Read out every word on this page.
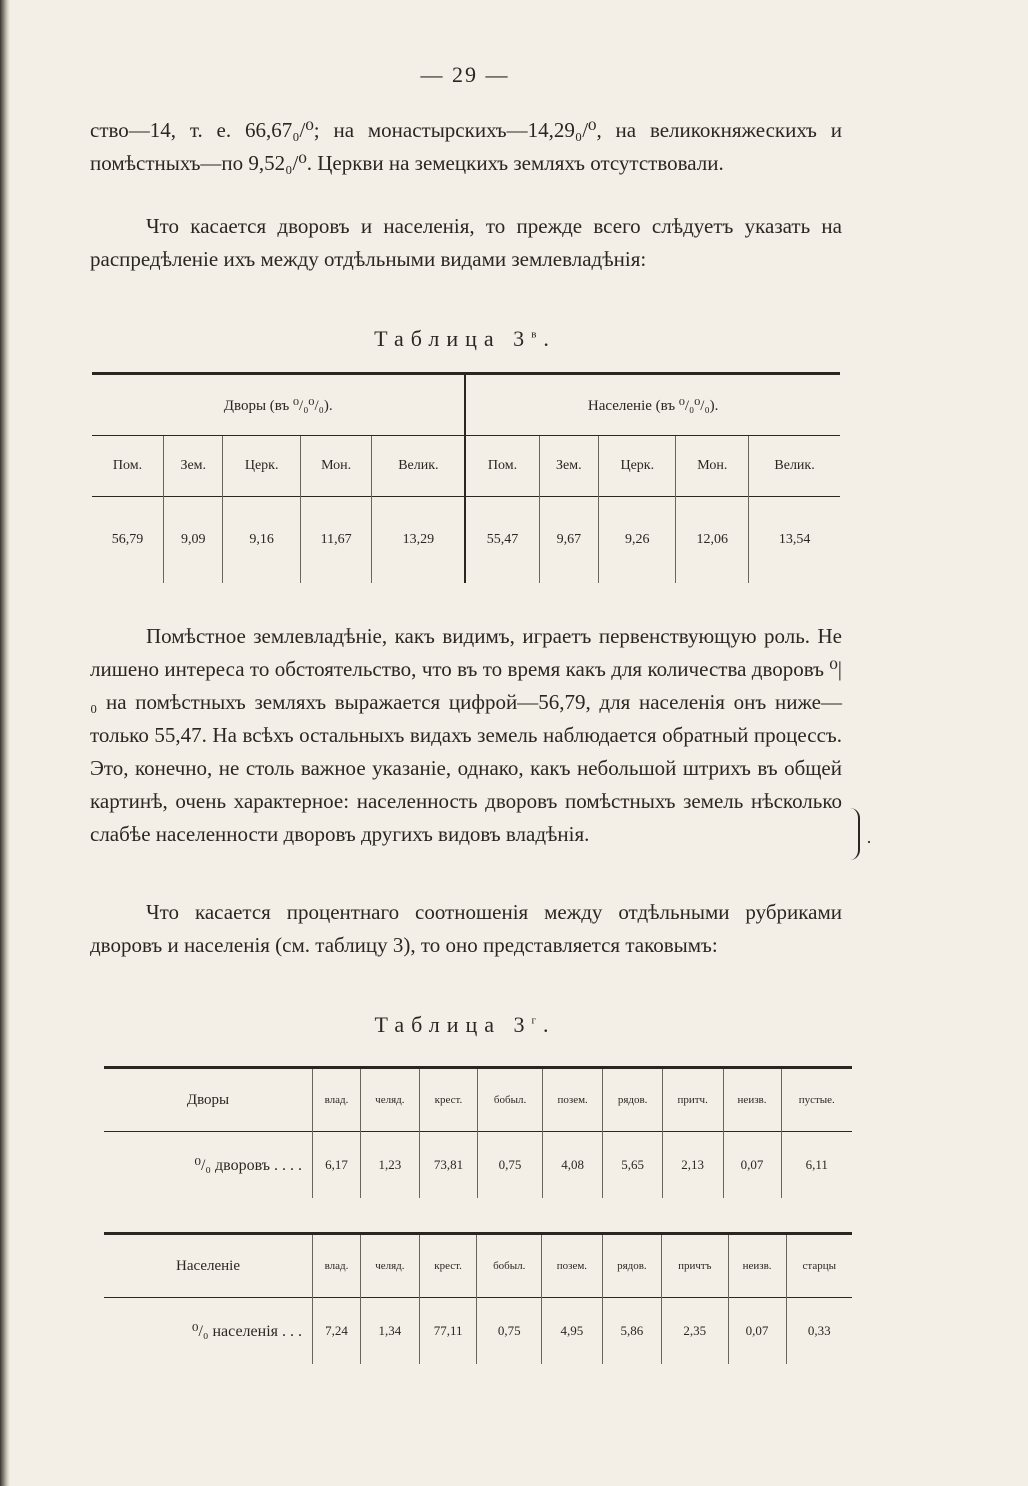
— 29 —

ство—14, т. е. 66,67₀/⁰; на монастырскихъ—14,29₀/⁰, на великокняжескихъ и помѣстныхъ—по 9,52₀/⁰. Церкви на земецкихъ земляхъ отсутствовали.

Что касается дворовъ и населенія, то прежде всего слѣдуетъ указать на распредѣленіе ихъ между отдѣльными видами землевладѣнія:

Таблица $3^в$.
Дворы (въ ⁰/₀⁰/₀).					Населеніе (въ ⁰/₀⁰/₀).				
Пом.	Зем.	Церк.	Мон.	Велик.	Пом.	Зем.	Церк.	Мон.	Велик.
56,79	9,09	9,16	11,67	13,29	55,47	9,67	9,26	12,06	13,54

Помѣстное землевладѣніе, какъ видимъ, играетъ первенствующую роль. Не лишено интереса то обстоятельство, что въ то время какъ для количества дворовъ ⁰|₀ на помѣстныхъ земляхъ выражается цифрой—56,79, для населенія онъ ниже—только 55,47. На всѣхъ остальныхъ видахъ земель наблюдается обратный процессъ. Это, конечно, не столь важное указаніе, однако, какъ небольшой штрихъ въ общей картинѣ, очень характерное: населенность дворовъ помѣстныхъ земель нѣсколько слабѣе населенности дворовъ другихъ видовъ владѣнія.	·

Что касается процентнаго соотношенія между отдѣльными рубриками дворовъ и населенія (см. таблицу 3), то оно представляется таковымъ:

Таблица $3^г$.
Дворы	влад.	челяд.	крест.	бобыл.	позем.	рядов.	притч.	неизв.	пустые.
⁰/₀ дворовъ . . . .	6,17	1,23	73,81	0,75	4,08	5,65	2,13	0,07	6,11
Населеніе	влад.	челяд.	крест.	бобыл.	позем.	рядов.	причтъ	неизв.	старцы
⁰/₀ населенія . . .	7,24	1,34	77,11	0,75	4,95	5,86	2,35	0,07	0,33
